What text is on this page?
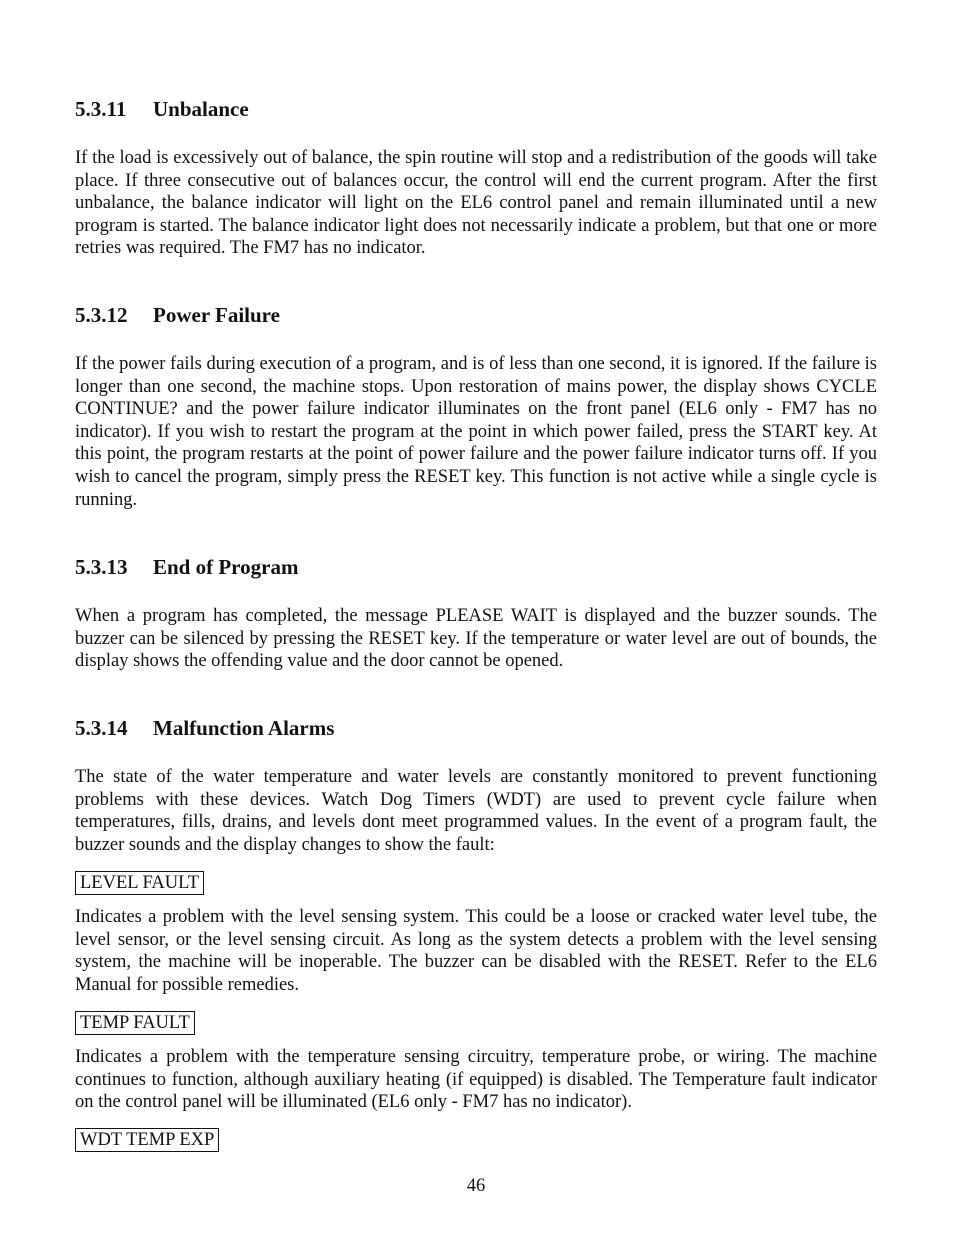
5.3.11 Unbalance

If the load is excessively out of balance, the spin routine will stop and a redistribution of the goods will take place. If three consecutive out of balances occur, the control will end the current program. After the first unbalance, the balance indicator will light on the EL6 control panel and remain illuminated until a new program is started. The balance indicator light does not necessarily indicate a problem, but that one or more retries was required. The FM7 has no indicator.

5.3.12 Power Failure

If the power fails during execution of a program, and is of less than one second, it is ignored. If the failure is longer than one second, the machine stops. Upon restoration of mains power, the display shows CYCLE CONTINUE? and the power failure indicator illuminates on the front panel (EL6 only - FM7 has no indicator). If you wish to restart the program at the point in which power failed, press the START key. At this point, the program restarts at the point of power failure and the power failure indicator turns off. If you wish to cancel the program, simply press the RESET key. This function is not active while a single cycle is running.

5.3.13 End of Program

When a program has completed, the message PLEASE WAIT is displayed and the buzzer sounds. The buzzer can be silenced by pressing the RESET key. If the temperature or water level are out of bounds, the display shows the offending value and the door cannot be opened.

5.3.14 Malfunction Alarms

The state of the water temperature and water levels are constantly monitored to prevent functioning problems with these devices. Watch Dog Timers (WDT) are used to prevent cycle failure when temperatures, fills, drains, and levels dont meet programmed values. In the event of a program fault, the buzzer sounds and the display changes to show the fault:

LEVEL FAULT

Indicates a problem with the level sensing system. This could be a loose or cracked water level tube, the level sensor, or the level sensing circuit. As long as the system detects a problem with the level sensing system, the machine will be inoperable. The buzzer can be disabled with the RESET. Refer to the EL6 Manual for possible remedies.

TEMP FAULT

Indicates a problem with the temperature sensing circuitry, temperature probe, or wiring. The machine continues to function, although auxiliary heating (if equipped) is disabled. The Temperature fault indicator on the control panel will be illuminated (EL6 only - FM7 has no indicator).

WDT TEMP EXP
46
